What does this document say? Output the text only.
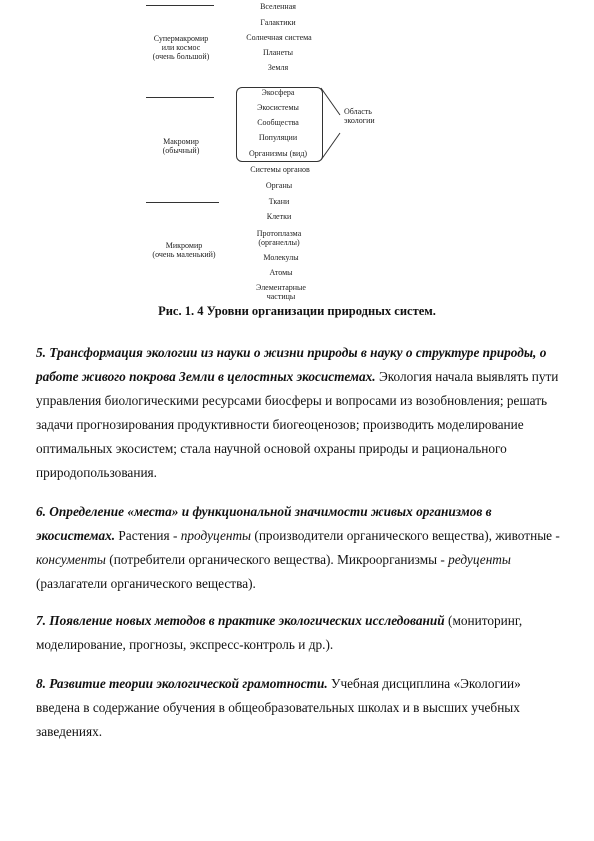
Супермакромир
или космос
(очень большой)
Макромир
(обычный)
Микромир
(очень маленький)
Область
экологии
Вселенная
Галактики
Солнечная система
Планеты
Земля
Экосфера
Экосистемы
Сообщества
Популяции
Организмы (вид)
Системы органов
Органы
Ткани
Клетки
Протоплазма
(органеллы)
Молекулы
Атомы
Элементарные
частицы

Рис. 1. 4 Уровни организации природных систем.

5. Трансформация экологии из науки о жизни природы в науку о структуре природы, о работе живого покрова Земли в целостных экосистемах. Экология начала выявлять пути управления биологическими ресурсами биосферы и вопросами из возобновления; решать задачи прогнозирования продуктивности биогеоценозов; производить моделирование оптимальных экосистем; стала научной основой охраны природы и рационального природопользования.

6. Определение «места» и функциональной значимости живых организмов в экосистемах. Растения - продуценты (производители органического вещества), животные - консументы (потребители органического вещества). Микроорганизмы - редуценты (разлагатели органического вещества).

7. Появление новых методов в практике экологических исследований (мониторинг, моделирование, прогнозы, экспресс-контроль и др.).

8. Развитие теории экологической грамотности. Учебная дисциплина «Экологии» введена в содержание обучения в общеобразовательных школах и в высших учебных заведениях.
